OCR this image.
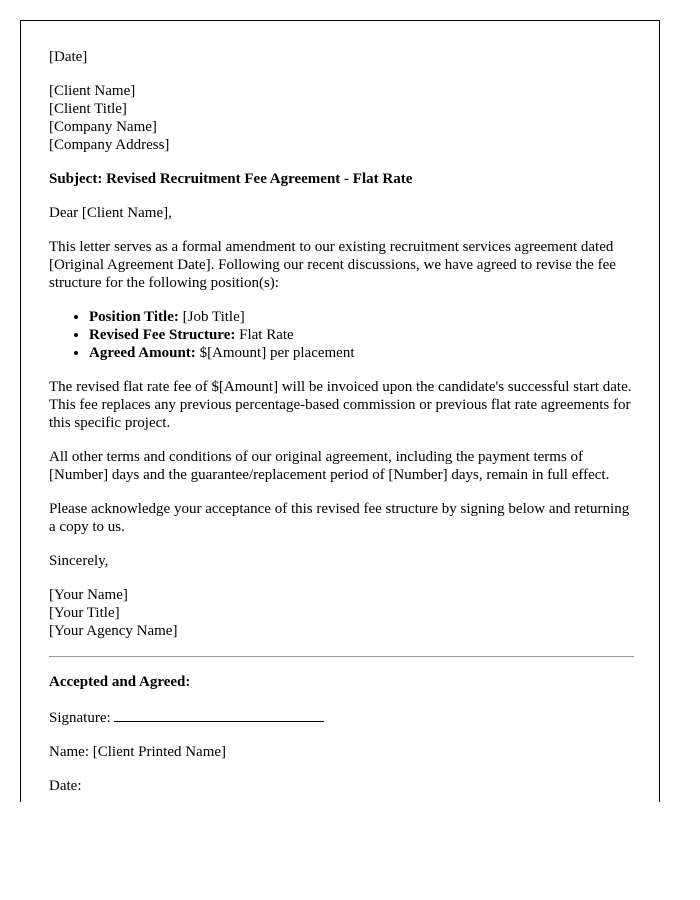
[Date]

[Client Name]
[Client Title]
[Company Name]
[Company Address]

Subject: Revised Recruitment Fee Agreement - Flat Rate

Dear [Client Name],

This letter serves as a formal amendment to our existing recruitment services agreement dated [Original Agreement Date]. Following our recent discussions, we have agreed to revise the fee structure for the following position(s):

• Position Title: [Job Title]
• Revised Fee Structure: Flat Rate
• Agreed Amount: $[Amount] per placement

The revised flat rate fee of $[Amount] will be invoiced upon the candidate's successful start date. This fee replaces any previous percentage-based commission or previous flat rate agreements for this specific project.

All other terms and conditions of our original agreement, including the payment terms of [Number] days and the guarantee/replacement period of [Number] days, remain in full effect.

Please acknowledge your acceptance of this revised fee structure by signing below and returning a copy to us.

Sincerely,

[Your Name]
[Your Title]
[Your Agency Name]

Accepted and Agreed:

Signature:

Name: [Client Printed Name]

Date:
